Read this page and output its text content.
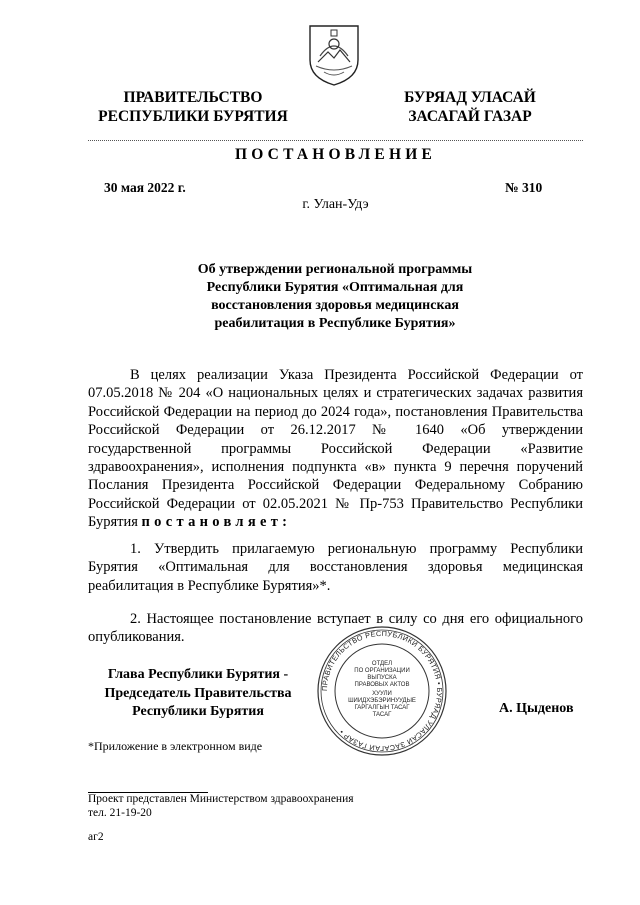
ПРАВИТЕЛЬСТВО
РЕСПУБЛИКИ БУРЯТИЯ
БУРЯАД УЛАСАЙ
ЗАСАГАЙ ГАЗАР
ПОСТАНОВЛЕНИЕ
30 мая 2022 г.	№ 310
г. Улан-Удэ
Об утверждении региональной программы
Республики Бурятия «Оптимальная для
восстановления здоровья медицинская
реабилитация в Республике Бурятия»
В целях реализации Указа Президента Российской Федерации от 07.05.2018 № 204 «О национальных целях и стратегических задачах развития Российской Федерации на период до 2024 года», постановления Правительства Российской Федерации от 26.12.2017 № 1640 «Об утверждении государственной программы Российской Федерации «Развитие здравоохранения», исполнения подпункта «в» пункта 9 перечня поручений Послания Президента Российской Федерации Федеральному Собранию Российской Федерации от 02.05.2021 № Пр-753 Правительство Республики Бурятия постановляет:
1. Утвердить прилагаемую региональную программу Республики Бурятия «Оптимальная для восстановления здоровья медицинская реабилитация в Республике Бурятия»*.
2. Настоящее постановление вступает в силу со дня его официального опубликования.
Глава Республики Бурятия -
Председатель Правительства
Республики Бурятия
ПРАВИТЕЛЬСТВО РЕСПУБЛИКИ БУРЯТИЯ • БУРЯАД УЛАСАЙ ЗАСАГАЙ ГАЗАР •
ОТДЕЛ
ПО ОРГАНИЗАЦИИ
ВЫПУСКА
ПРАВОВЫХ АКТОВ
ХУУЛИ
ШИИДХЭБЭРИНУУДЫЕ
ГАРГАЛГЫН ТАСАГ
ТАСАГ	А. Цыденов
*Приложение в электронном виде
Проект представлен Министерством здравоохранения
тел. 21-19-20
аг2
